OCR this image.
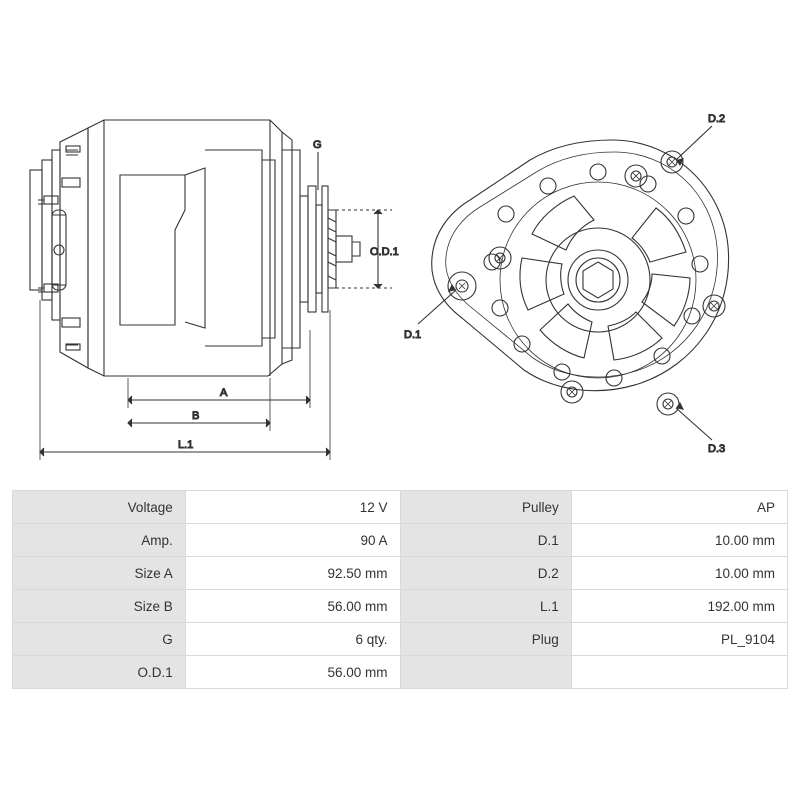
G
O.D.1
A
B
L.1
D.2
D.1
D.3
Voltage	12 V	Pulley	AP
Amp.	90 A	D.1	10.00 mm
Size A	92.50 mm	D.2	10.00 mm
Size B	56.00 mm	L.1	192.00 mm
G	6 qty.	Plug	PL_9104
O.D.1	56.00 mm		
